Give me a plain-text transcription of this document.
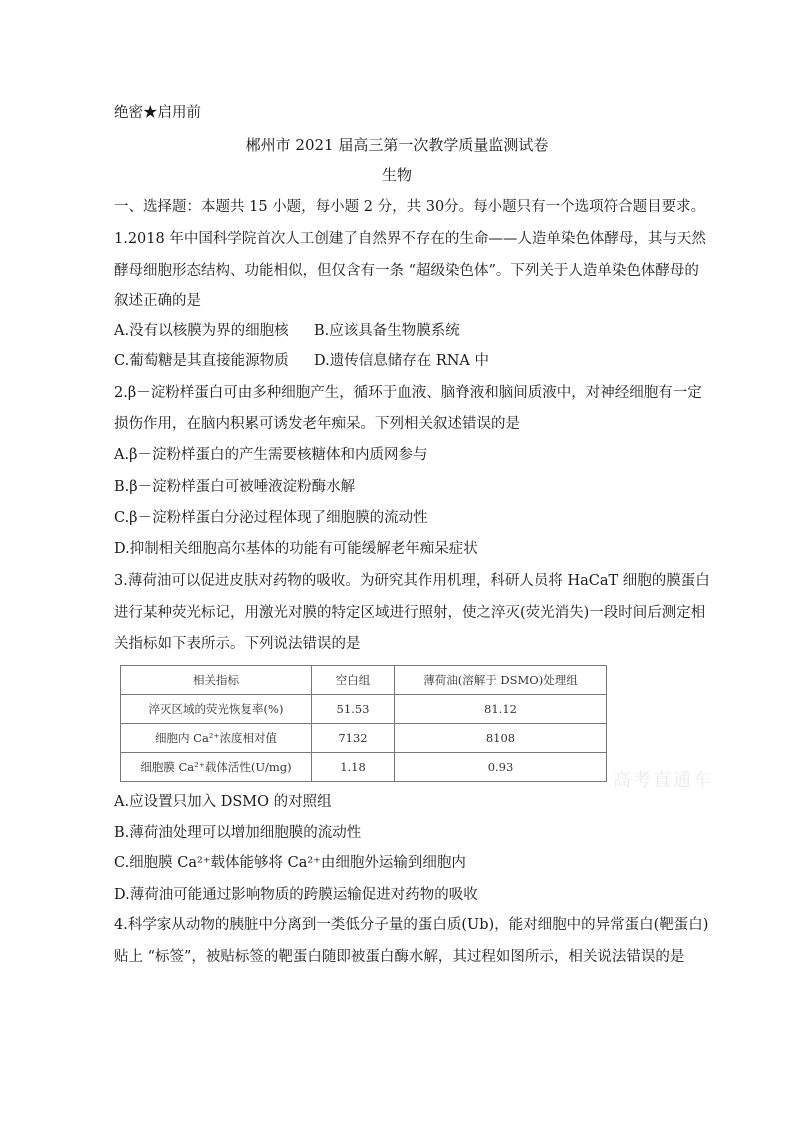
绝密★启用前
郴州市 2021 届高三第一次教学质量监测试卷
生物
一、选择题：本题共 15 小题，每小题 2 分，共 30分。每小题只有一个选项符合题目要求。
1.2018 年中国科学院首次人工创建了自然界不存在的生命——人造单染色体酵母，其与天然
酵母细胞形态结构、功能相似，但仅含有一条 “超级染色体”。下列关于人造单染色体酵母的
叙述正确的是
A.没有以核膜为界的细胞核 B.应该具备生物膜系统
C.葡萄糖是其直接能源物质 D.遗传信息储存在 RNA 中
2.β－淀粉样蛋白可由多种细胞产生，循环于血液、脑脊液和脑间质液中，对神经细胞有一定
损伤作用，在脑内积累可诱发老年痴呆。下列相关叙述错误的是
A.β－淀粉样蛋白的产生需要核糖体和内质网参与
B.β－淀粉样蛋白可被唾液淀粉酶水解
C.β－淀粉样蛋白分泌过程体现了细胞膜的流动性
D.抑制相关细胞高尔基体的功能有可能缓解老年痴呆症状
3.薄荷油可以促进皮肤对药物的吸收。为研究其作用机理，科研人员将 HaCaT 细胞的膜蛋白
进行某种荧光标记，用激光对膜的特定区域进行照射，使之淬灭(荧光消失)一段时间后测定相
关指标如下表所示。下列说法错误的是
相关指标	空白组	薄荷油(溶解于 DSMO)处理组
淬灭区域的荧光恢复率(%)	51.53	81.12
细胞内 Ca²⁺浓度相对值	7132	8108
细胞膜 Ca²⁺载体活性(U/mg)	1.18	0.93
高考直通车
A.应设置只加入 DSMO 的对照组
B.薄荷油处理可以增加细胞膜的流动性
C.细胞膜 Ca²⁺载体能够将 Ca²⁺由细胞外运输到细胞内
D.薄荷油可能通过影响物质的跨膜运输促进对药物的吸收
4.科学家从动物的胰脏中分离到一类低分子量的蛋白质(Ub)，能对细胞中的异常蛋白(靶蛋白)
贴上 “标签”，被贴标签的靶蛋白随即被蛋白酶水解，其过程如图所示，相关说法错误的是
